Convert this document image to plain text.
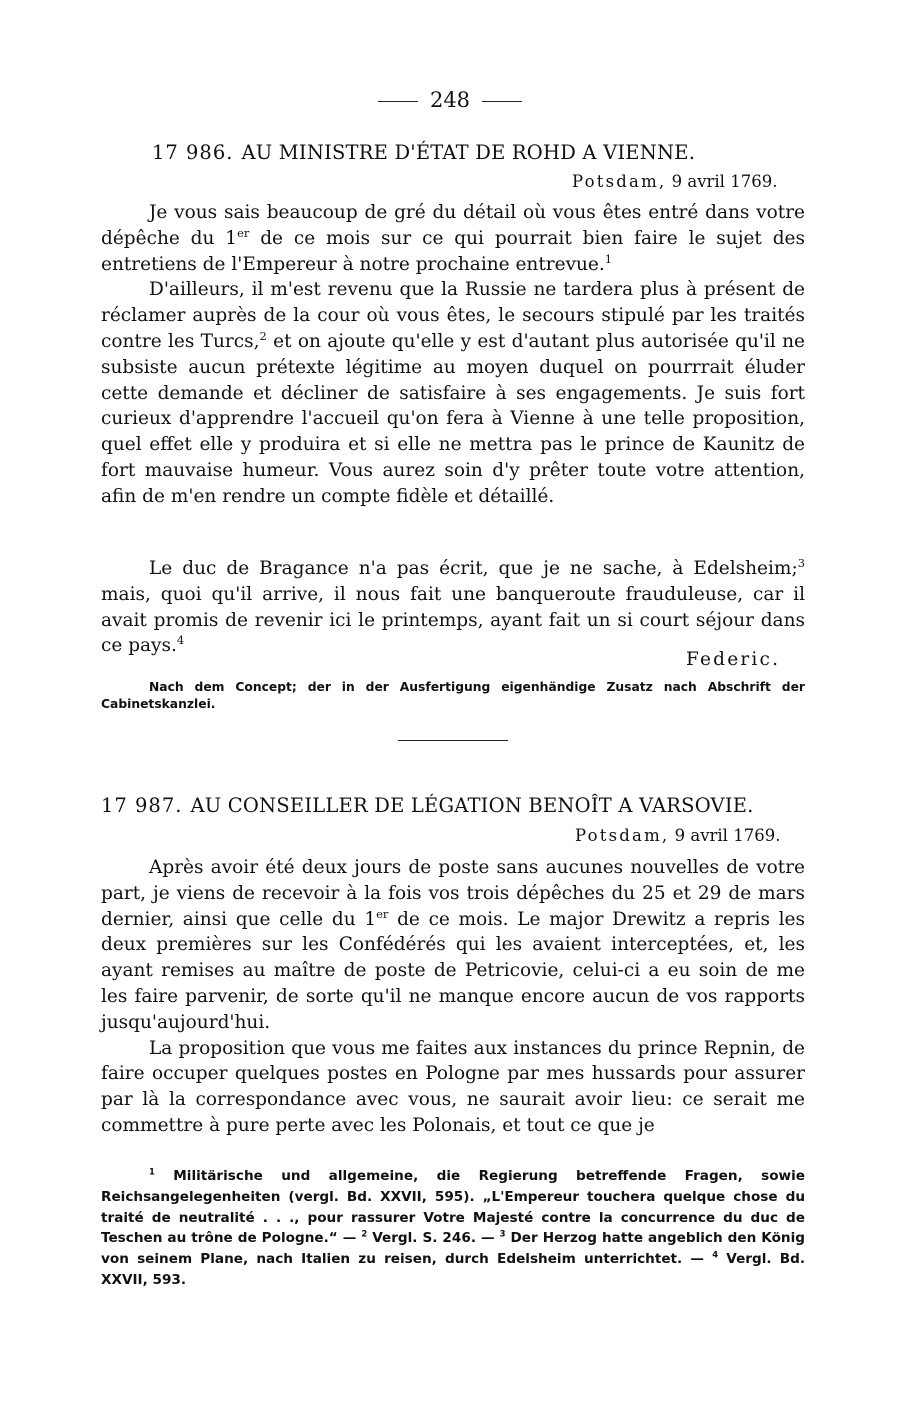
248
17 986. AU MINISTRE D'ÉTAT DE ROHD A VIENNE.
Potsdam, 9 avril 1769.

Je vous sais beaucoup de gré du détail où vous êtes entré dans votre dépêche du 1er de ce mois sur ce qui pourrait bien faire le sujet des entretiens de l'Empereur à notre prochaine entrevue.$^1$

D'ailleurs, il m'est revenu que la Russie ne tardera plus à présent de réclamer auprès de la cour où vous êtes, le secours stipulé par les traités contre les Turcs,$^2$ et on ajoute qu'elle y est d'autant plus autorisée qu'il ne subsiste aucun prétexte légitime au moyen duquel on pourrrait éluder cette demande et décliner de satisfaire à ses engagements. Je suis fort curieux d'apprendre l'accueil qu'on fera à Vienne à une telle proposition, quel effet elle y produira et si elle ne mettra pas le prince de Kaunitz de fort mauvaise humeur. Vous aurez soin d'y prêter toute votre attention, afin de m'en rendre un compte fidèle et détaillé.

Le duc de Bragance n'a pas écrit, que je ne sache, à Edelsheim;$^3$ mais, quoi qu'il arrive, il nous fait une banqueroute frauduleuse, car il avait promis de revenir ici le printemps, ayant fait un si court séjour dans ce pays.$^4$

Federic.

Nach dem Concept; der in der Ausfertigung eigenhändige Zusatz nach Abschrift der Cabinetskanzlei.

17 987. AU CONSEILLER DE LÉGATION BENOÎT A VARSOVIE.
Potsdam, 9 avril 1769.

Après avoir été deux jours de poste sans aucunes nouvelles de votre part, je viens de recevoir à la fois vos trois dépêches du 25 et 29 de mars dernier, ainsi que celle du 1er de ce mois. Le major Drewitz a repris les deux premières sur les Confédérés qui les avaient interceptées, et, les ayant remises au maître de poste de Petricovie, celui-ci a eu soin de me les faire parvenir, de sorte qu'il ne manque encore aucun de vos rapports jusqu'aujourd'hui.

La proposition que vous me faites aux instances du prince Repnin, de faire occuper quelques postes en Pologne par mes hussards pour assurer par là la correspondance avec vous, ne saurait avoir lieu: ce serait me commettre à pure perte avec les Polonais, et tout ce que je

$^1$ Militärische und allgemeine, die Regierung betreffende Fragen, sowie Reichsangelegenheiten (vergl. Bd. XXVII, 595). „L'Empereur touchera quelque chose du traité de neutralité . . ., pour rassurer Votre Majesté contre la concurrence du duc de Teschen au trône de Pologne.“ — $^2$ Vergl. S. 246. — $^3$ Der Herzog hatte angeblich den König von seinem Plane, nach Italien zu reisen, durch Edelsheim unterrichtet. — $^4$ Vergl. Bd. XXVII, 593.
